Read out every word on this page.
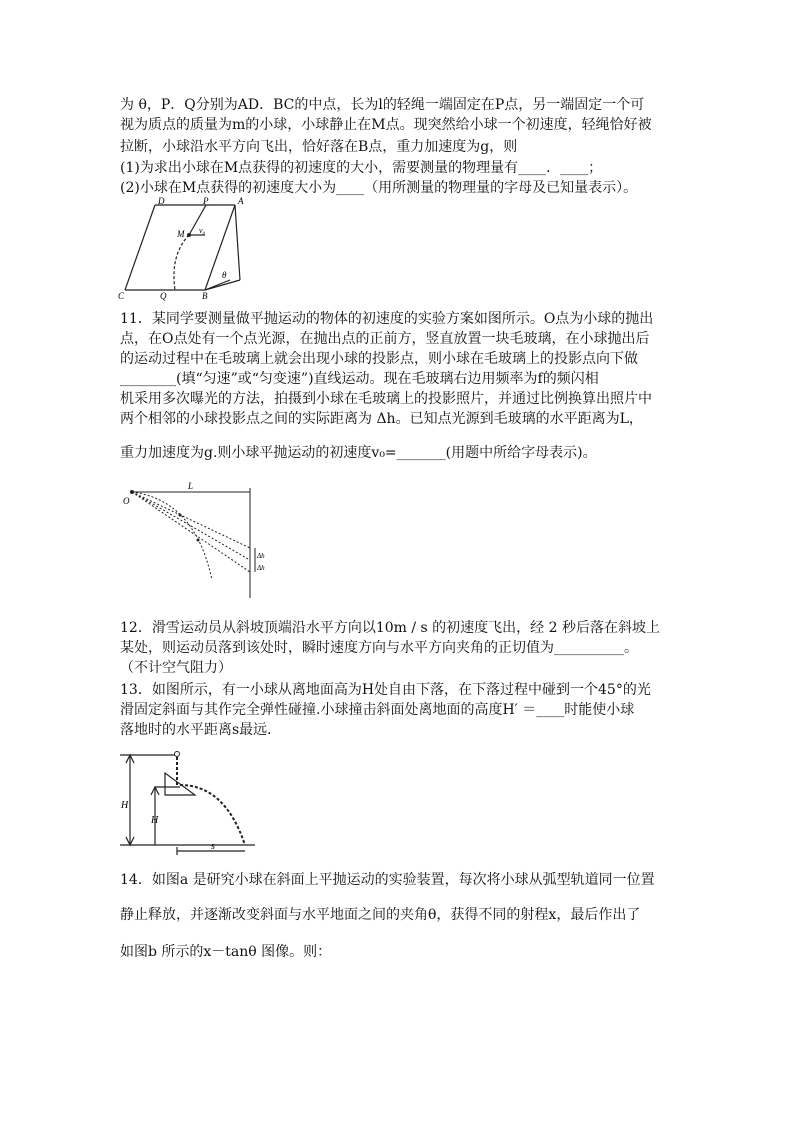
为 θ，P．Q分别为AD．BC的中点，长为l的轻绳一端固定在P点，另一端固定一个可
视为质点的质量为m的小球，小球静止在M点。现突然给小球一个初速度，轻绳恰好被
拉断，小球沿水平方向飞出，恰好落在B点，重力加速度为g，则
(1)为求出小球在M点获得的初速度的大小，需要测量的物理量有____．____；
(2)小球在M点获得的初速度大小为____（用所测量的物理量的字母及已知量表示）。
D	P	A
M v₀
θ
C	Q	B
11．某同学要测量做平抛运动的物体的初速度的实验方案如图所示。O点为小球的抛出
点，在O点处有一个点光源，在抛出点的正前方，竖直放置一块毛玻璃，在小球抛出后
的运动过程中在毛玻璃上就会出现小球的投影点，则小球在毛玻璃上的投影点向下做
________(填“匀速”或“匀变速”)直线运动。现在毛玻璃右边用频率为f的频闪相
机采用多次曝光的方法，拍摄到小球在毛玻璃上的投影照片，并通过比例换算出照片中
两个相邻的小球投影点之间的实际距离为 Δh。已知点光源到毛玻璃的水平距离为L，
重力加速度为g.则小球平抛运动的初速度v₀=_______(用题中所给字母表示)。
O
L
Δh
Δh
12．滑雪运动员从斜坡顶端沿水平方向以10m / s 的初速度飞出，经 2 秒后落在斜坡上
某处，则运动员落到该处时，瞬时速度方向与水平方向夹角的正切值为__________。
（不计空气阻力）
13．如图所示，有一小球从离地面高为H处自由下落，在下落过程中碰到一个45°的光
滑固定斜面与其作完全弹性碰撞.小球撞击斜面处离地面的高度H′ ＝____时能使小球
落地时的水平距离s最远．
H
H
s
14．如图a 是研究小球在斜面上平抛运动的实验装置，每次将小球从弧型轨道同一位置
静止释放，并逐渐改变斜面与水平地面之间的夹角θ，获得不同的射程x，最后作出了
如图b 所示的x－tanθ 图像。则：
